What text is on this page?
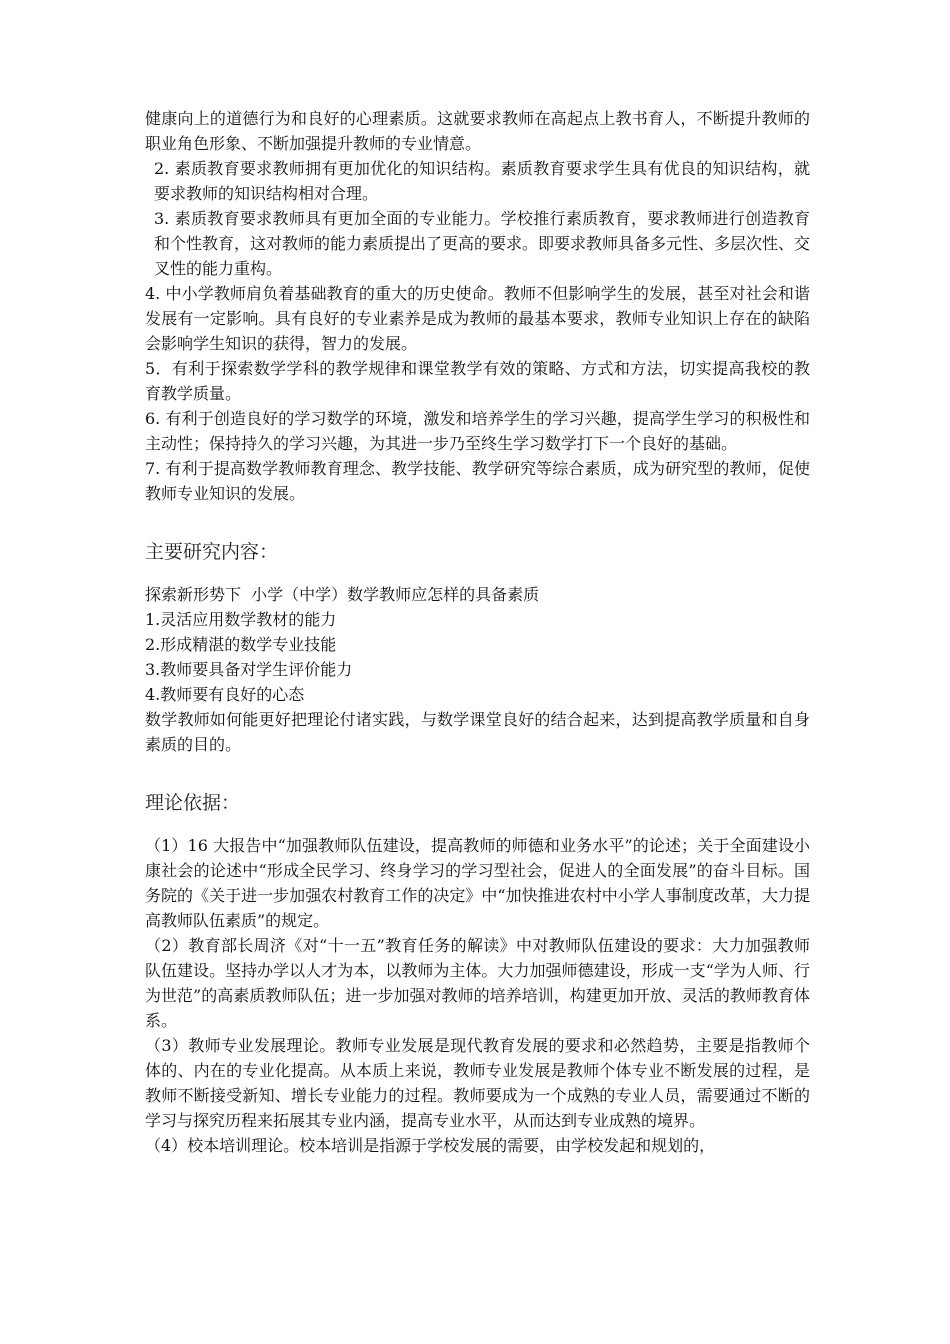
健康向上的道德行为和良好的心理素质。这就要求教师在高起点上教书育人，不断提升教师的职业角色形象、不断加强提升教师的专业情意。

2. 素质教育要求教师拥有更加优化的知识结构。素质教育要求学生具有优良的知识结构，就要求教师的知识结构相对合理。

3. 素质教育要求教师具有更加全面的专业能力。学校推行素质教育，要求教师进行创造教育和个性教育，这对教师的能力素质提出了更高的要求。即要求教师具备多元性、多层次性、交叉性的能力重构。

4. 中小学教师肩负着基础教育的重大的历史使命。教师不但影响学生的发展，甚至对社会和谐发展有一定影响。具有良好的专业素养是成为教师的最基本要求，教师专业知识上存在的缺陷会影响学生知识的获得，智力的发展。

5．有利于探索数学学科的教学规律和课堂教学有效的策略、方式和方法，切实提高我校的教育教学质量。

6. 有利于创造良好的学习数学的环境，激发和培养学生的学习兴趣，提高学生学习的积极性和主动性；保持持久的学习兴趣，为其进一步乃至终生学习数学打下一个良好的基础。

7. 有利于提高数学教师教育理念、教学技能、教学研究等综合素质，成为研究型的教师，促使教师专业知识的发展。

主要研究内容：

探索新形势下  小学（中学）数学教师应怎样的具备素质

1.灵活应用数学教材的能力

2.形成精湛的数学专业技能

3.教师要具备对学生评价能力

4.教师要有良好的心态

数学教师如何能更好把理论付诸实践，与数学课堂良好的结合起来，达到提高教学质量和自身素质的目的。

理论依据：

（1）16 大报告中“加强教师队伍建设，提高教师的师德和业务水平”的论述；关于全面建设小康社会的论述中“形成全民学习、终身学习的学习型社会，促进人的全面发展”的奋斗目标。国务院的《关于进一步加强农村教育工作的决定》中“加快推进农村中小学人事制度改革，大力提高教师队伍素质”的规定。

（2）教育部长周济《对“十一五”教育任务的解读》中对教师队伍建设的要求：大力加强教师队伍建设。坚持办学以人才为本，以教师为主体。大力加强师德建设，形成一支“学为人师、行为世范”的高素质教师队伍；进一步加强对教师的培养培训，构建更加开放、灵活的教师教育体系。

（3）教师专业发展理论。教师专业发展是现代教育发展的要求和必然趋势，主要是指教师个体的、内在的专业化提高。从本质上来说，教师专业发展是教师个体专业不断发展的过程，是教师不断接受新知、增长专业能力的过程。教师要成为一个成熟的专业人员，需要通过不断的学习与探究历程来拓展其专业内涵，提高专业水平，从而达到专业成熟的境界。

（4）校本培训理论。校本培训是指源于学校发展的需要，由学校发起和规划的，
